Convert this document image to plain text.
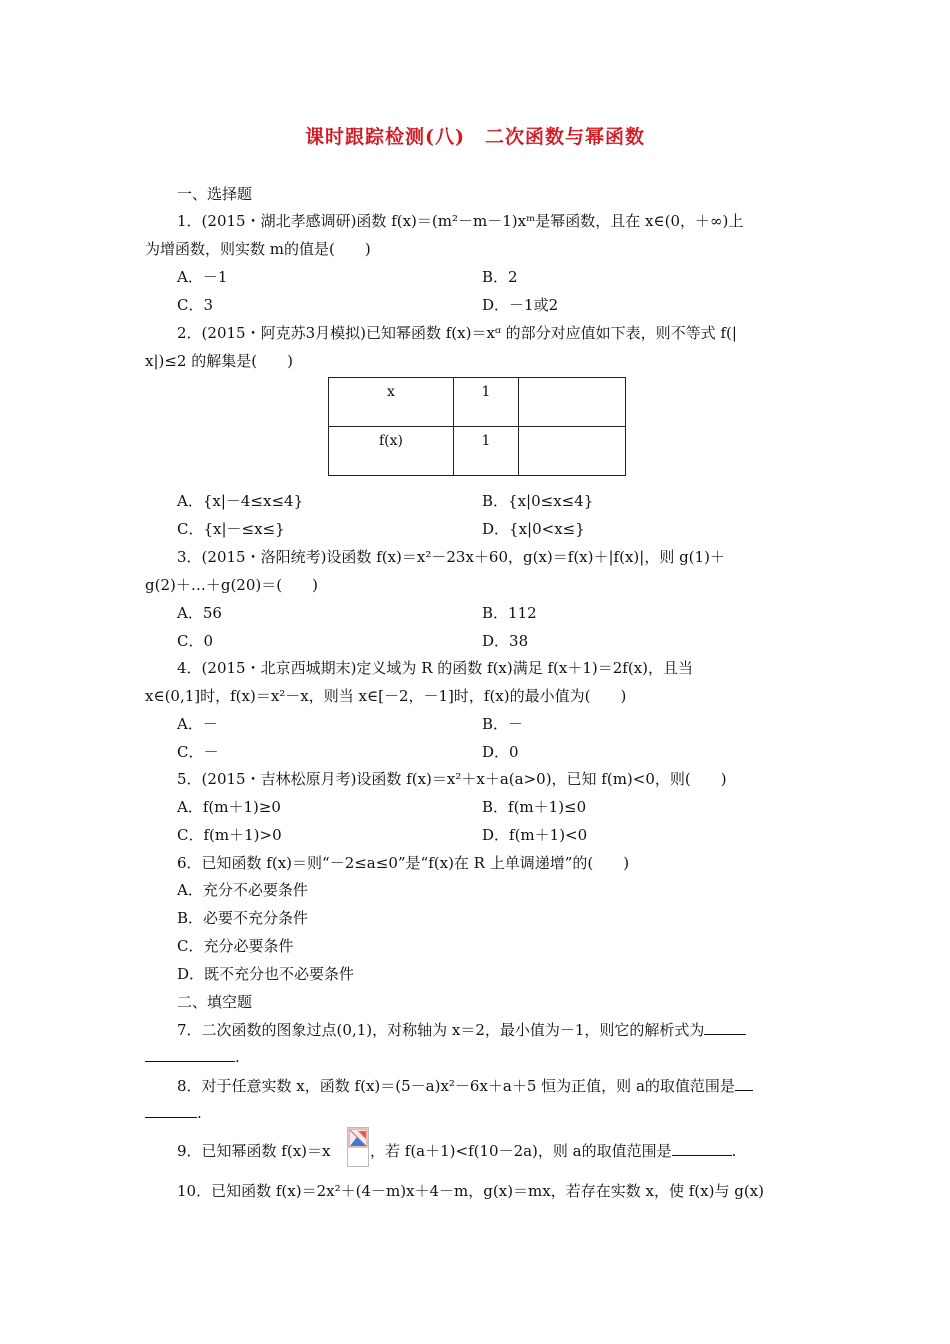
课时跟踪检测(八)　二次函数与幂函数
一、选择题
1．(2015・湖北孝感调研)函数 f(x)＝(m²－m－1)xᵐ是幂函数，且在 x∈(0，＋∞)上
为增函数，则实数 m的值是(　　)
A．－1	B．2
C．3	D．－1或2
2．(2015・阿克苏3月模拟)已知幂函数 f(x)＝xᵅ 的部分对应值如下表，则不等式 f(|
x|)≤2 的解集是(　　)
x	1	
f(x)	1	
A．{x|－4≤x≤4}	B．{x|0≤x≤4}
C．{x|－≤x≤}	D．{x|0<x≤}
3．(2015・洛阳统考)设函数 f(x)＝x²－23x＋60，g(x)＝f(x)＋|f(x)|，则 g(1)＋
g(2)＋…＋g(20)＝(　　)
A．56	B．112
C．0	D．38
4．(2015・北京西城期末)定义域为 R 的函数 f(x)满足 f(x＋1)＝2f(x)，且当
x∈(0,1]时，f(x)＝x²－x，则当 x∈[－2，－1]时，f(x)的最小值为(　　)
A．－	B．－
C．－	D．0
5．(2015・吉林松原月考)设函数 f(x)＝x²＋x＋a(a>0)，已知 f(m)<0，则(　　)
A．f(m＋1)≥0	B．f(m＋1)≤0
C．f(m＋1)>0	D．f(m＋1)<0
6．已知函数 f(x)＝则“－2≤a≤0”是“f(x)在 R 上单调递增”的(　　)
A．充分不必要条件
B．必要不充分条件
C．充分必要条件
D．既不充分也不必要条件
二、填空题
7．二次函数的图象过点(0,1)，对称轴为 x＝2，最小值为－1，则它的解析式为
.
8．对于任意实数 x，函数 f(x)＝(5－a)x²－6x＋a＋5 恒为正值，则 a的取值范围是
.
9．已知幂函数 f(x)＝x	，若 f(a＋1)<f(10－2a)，则 a的取值范围是	.
10．已知函数 f(x)＝2x²＋(4－m)x＋4－m，g(x)＝mx，若存在实数 x，使 f(x)与 g(x)
